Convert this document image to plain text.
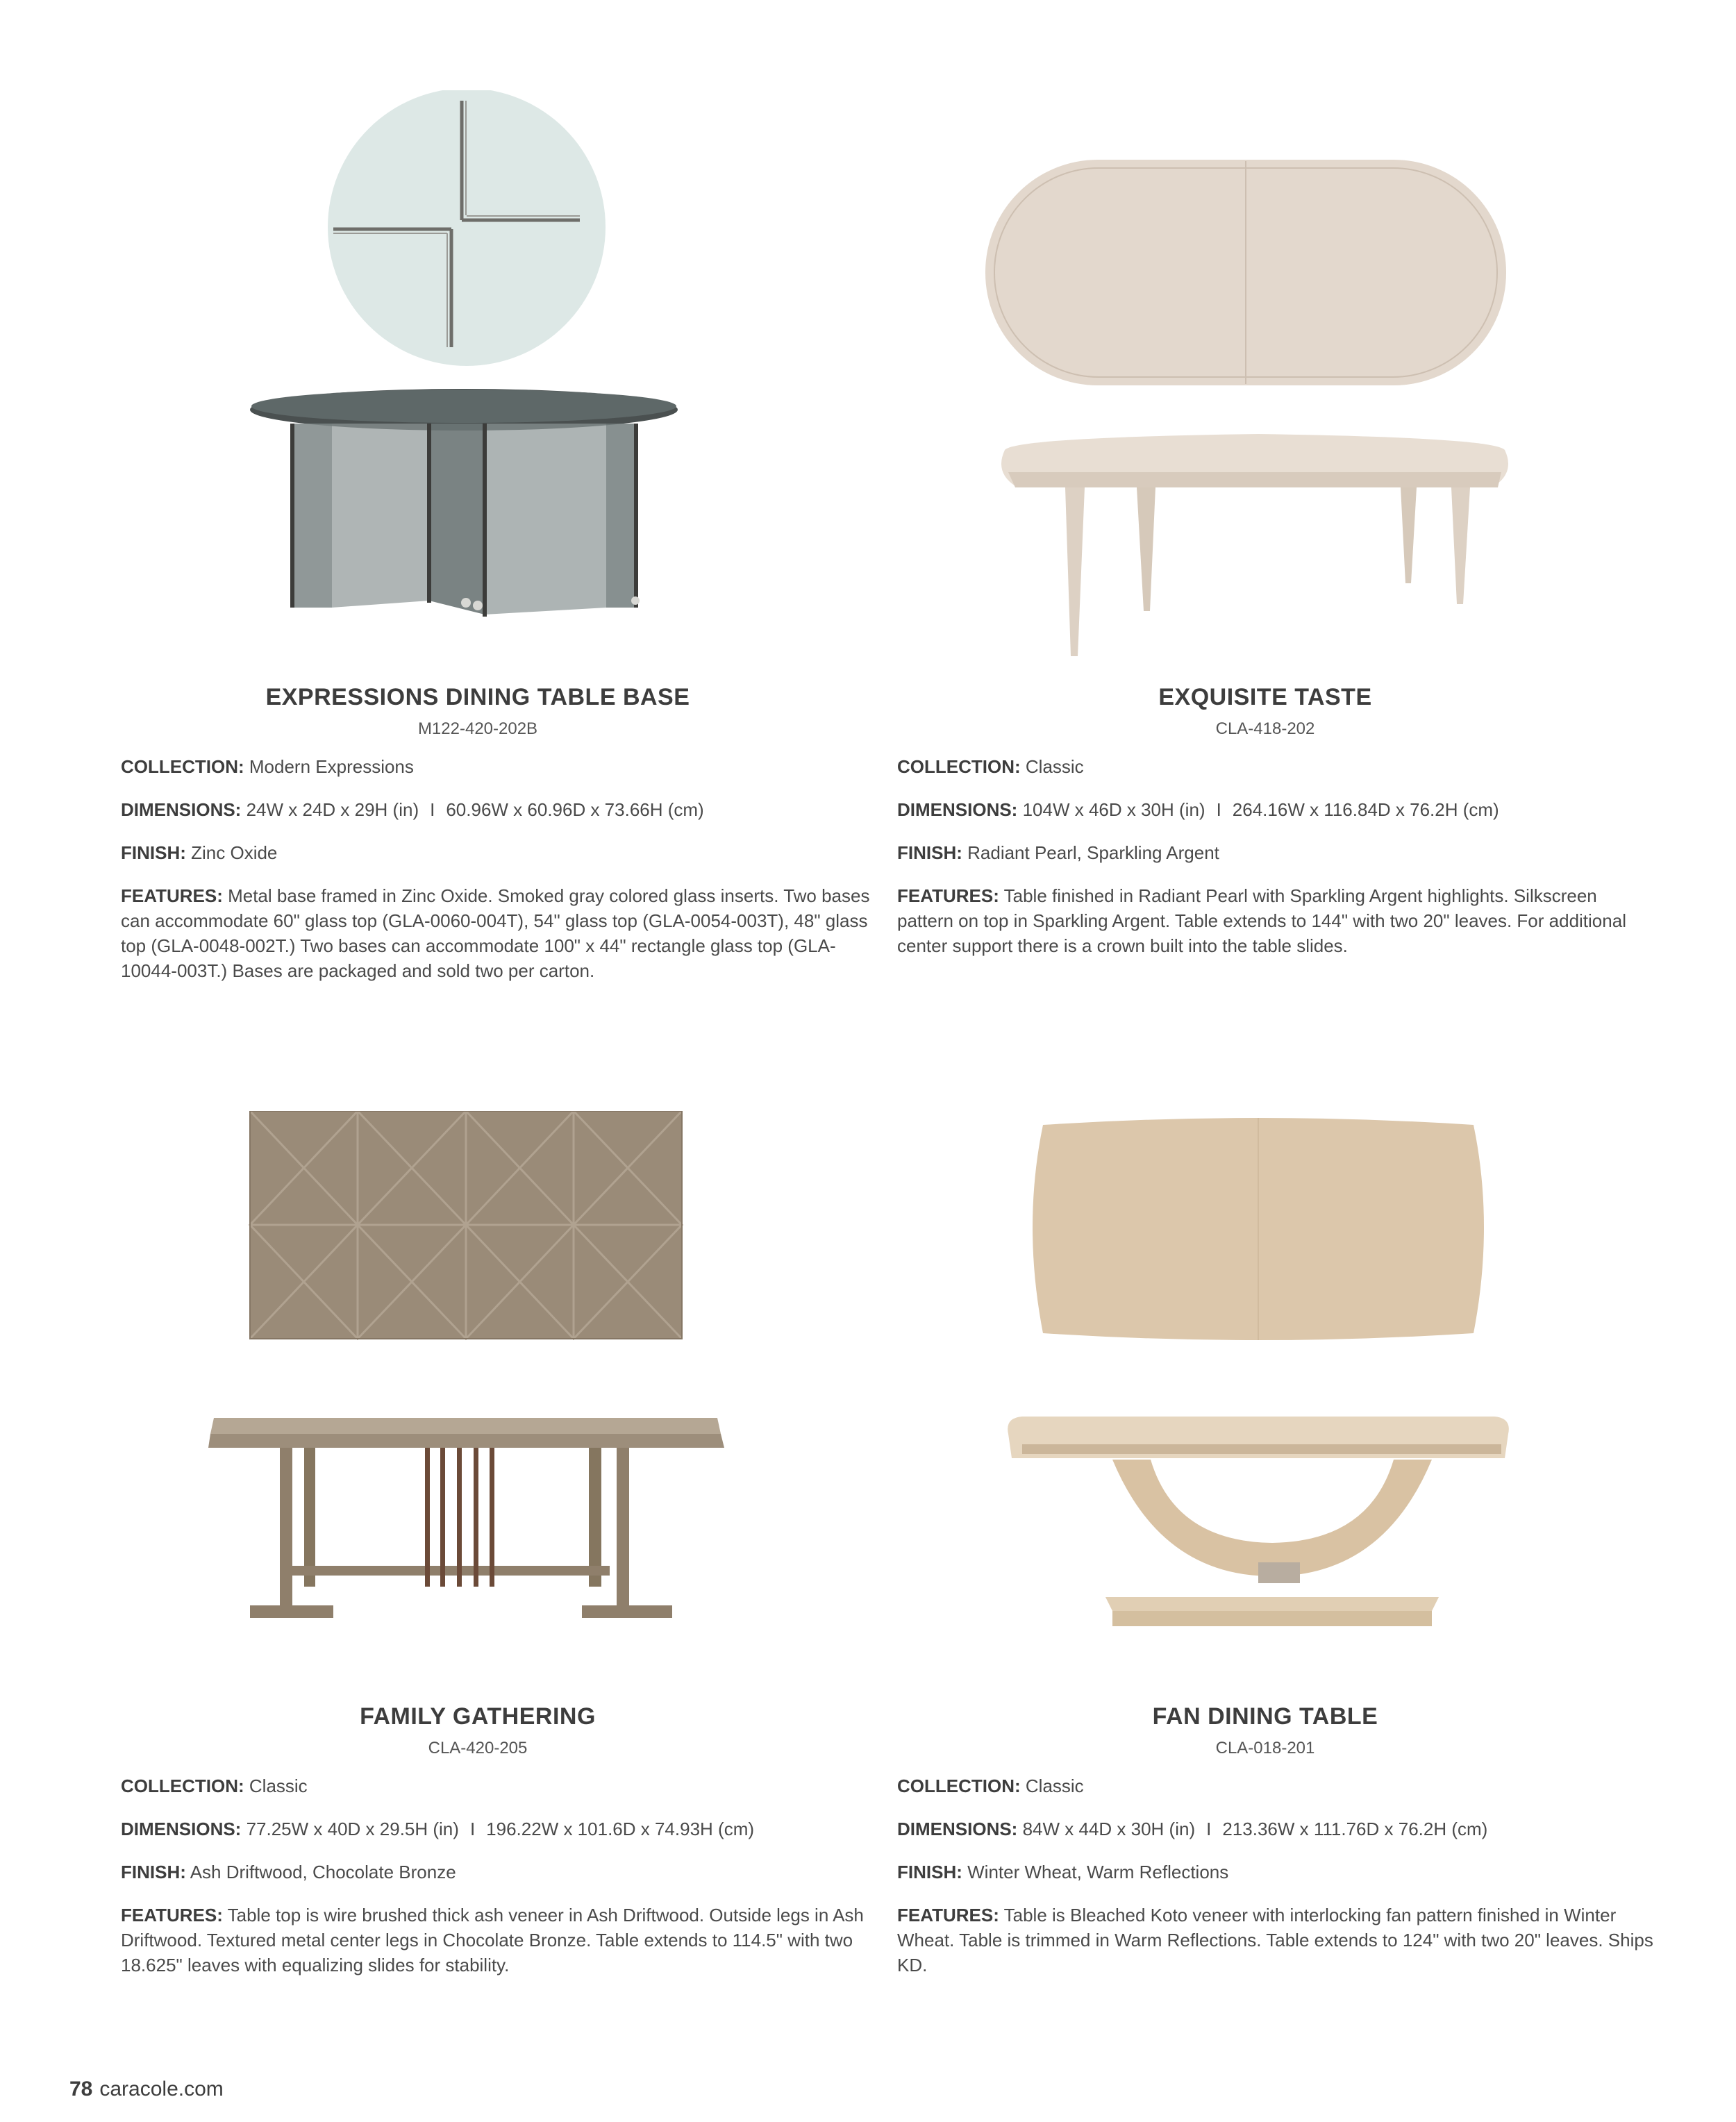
EXPRESSIONS DINING TABLE BASE
M122-420-202B

COLLECTION: Modern Expressions

DIMENSIONS: 24W x 24D x 29H (in) I 60.96W x 60.96D x 73.66H (cm)

FINISH: Zinc Oxide

FEATURES: Metal base framed in Zinc Oxide. Smoked gray colored glass inserts. Two bases can accommodate 60" glass top (GLA-0060-004T), 54" glass top (GLA-0054-003T), 48" glass top (GLA-0048-002T.) Two bases can accommodate 100" x 44" rectangle glass top (GLA-10044-003T.) Bases are packaged and sold two per carton.

EXQUISITE TASTE
CLA-418-202

COLLECTION: Classic

DIMENSIONS: 104W x 46D x 30H (in) I 264.16W x 116.84D x 76.2H (cm)

FINISH: Radiant Pearl, Sparkling Argent

FEATURES: Table finished in Radiant Pearl with Sparkling Argent highlights. Silkscreen pattern on top in Sparkling Argent. Table extends to 144" with two 20" leaves. For additional center support there is a crown built into the table slides.

FAMILY GATHERING
CLA-420-205

COLLECTION: Classic

DIMENSIONS: 77.25W x 40D x 29.5H (in) I 196.22W x 101.6D x 74.93H (cm)

FINISH: Ash Driftwood, Chocolate Bronze

FEATURES: Table top is wire brushed thick ash veneer in Ash Driftwood. Outside legs in Ash Driftwood. Textured metal center legs in Chocolate Bronze. Table extends to 114.5" with two 18.625" leaves with equalizing slides for stability.

FAN DINING TABLE
CLA-018-201

COLLECTION: Classic

DIMENSIONS: 84W x 44D x 30H (in) I 213.36W x 111.76D x 76.2H (cm)

FINISH: Winter Wheat, Warm Reflections

FEATURES: Table is Bleached Koto veneer with interlocking fan pattern finished in Winter Wheat. Table is trimmed in Warm Reflections. Table extends to 124" with two 20" leaves. Ships KD.

78 caracole.com
